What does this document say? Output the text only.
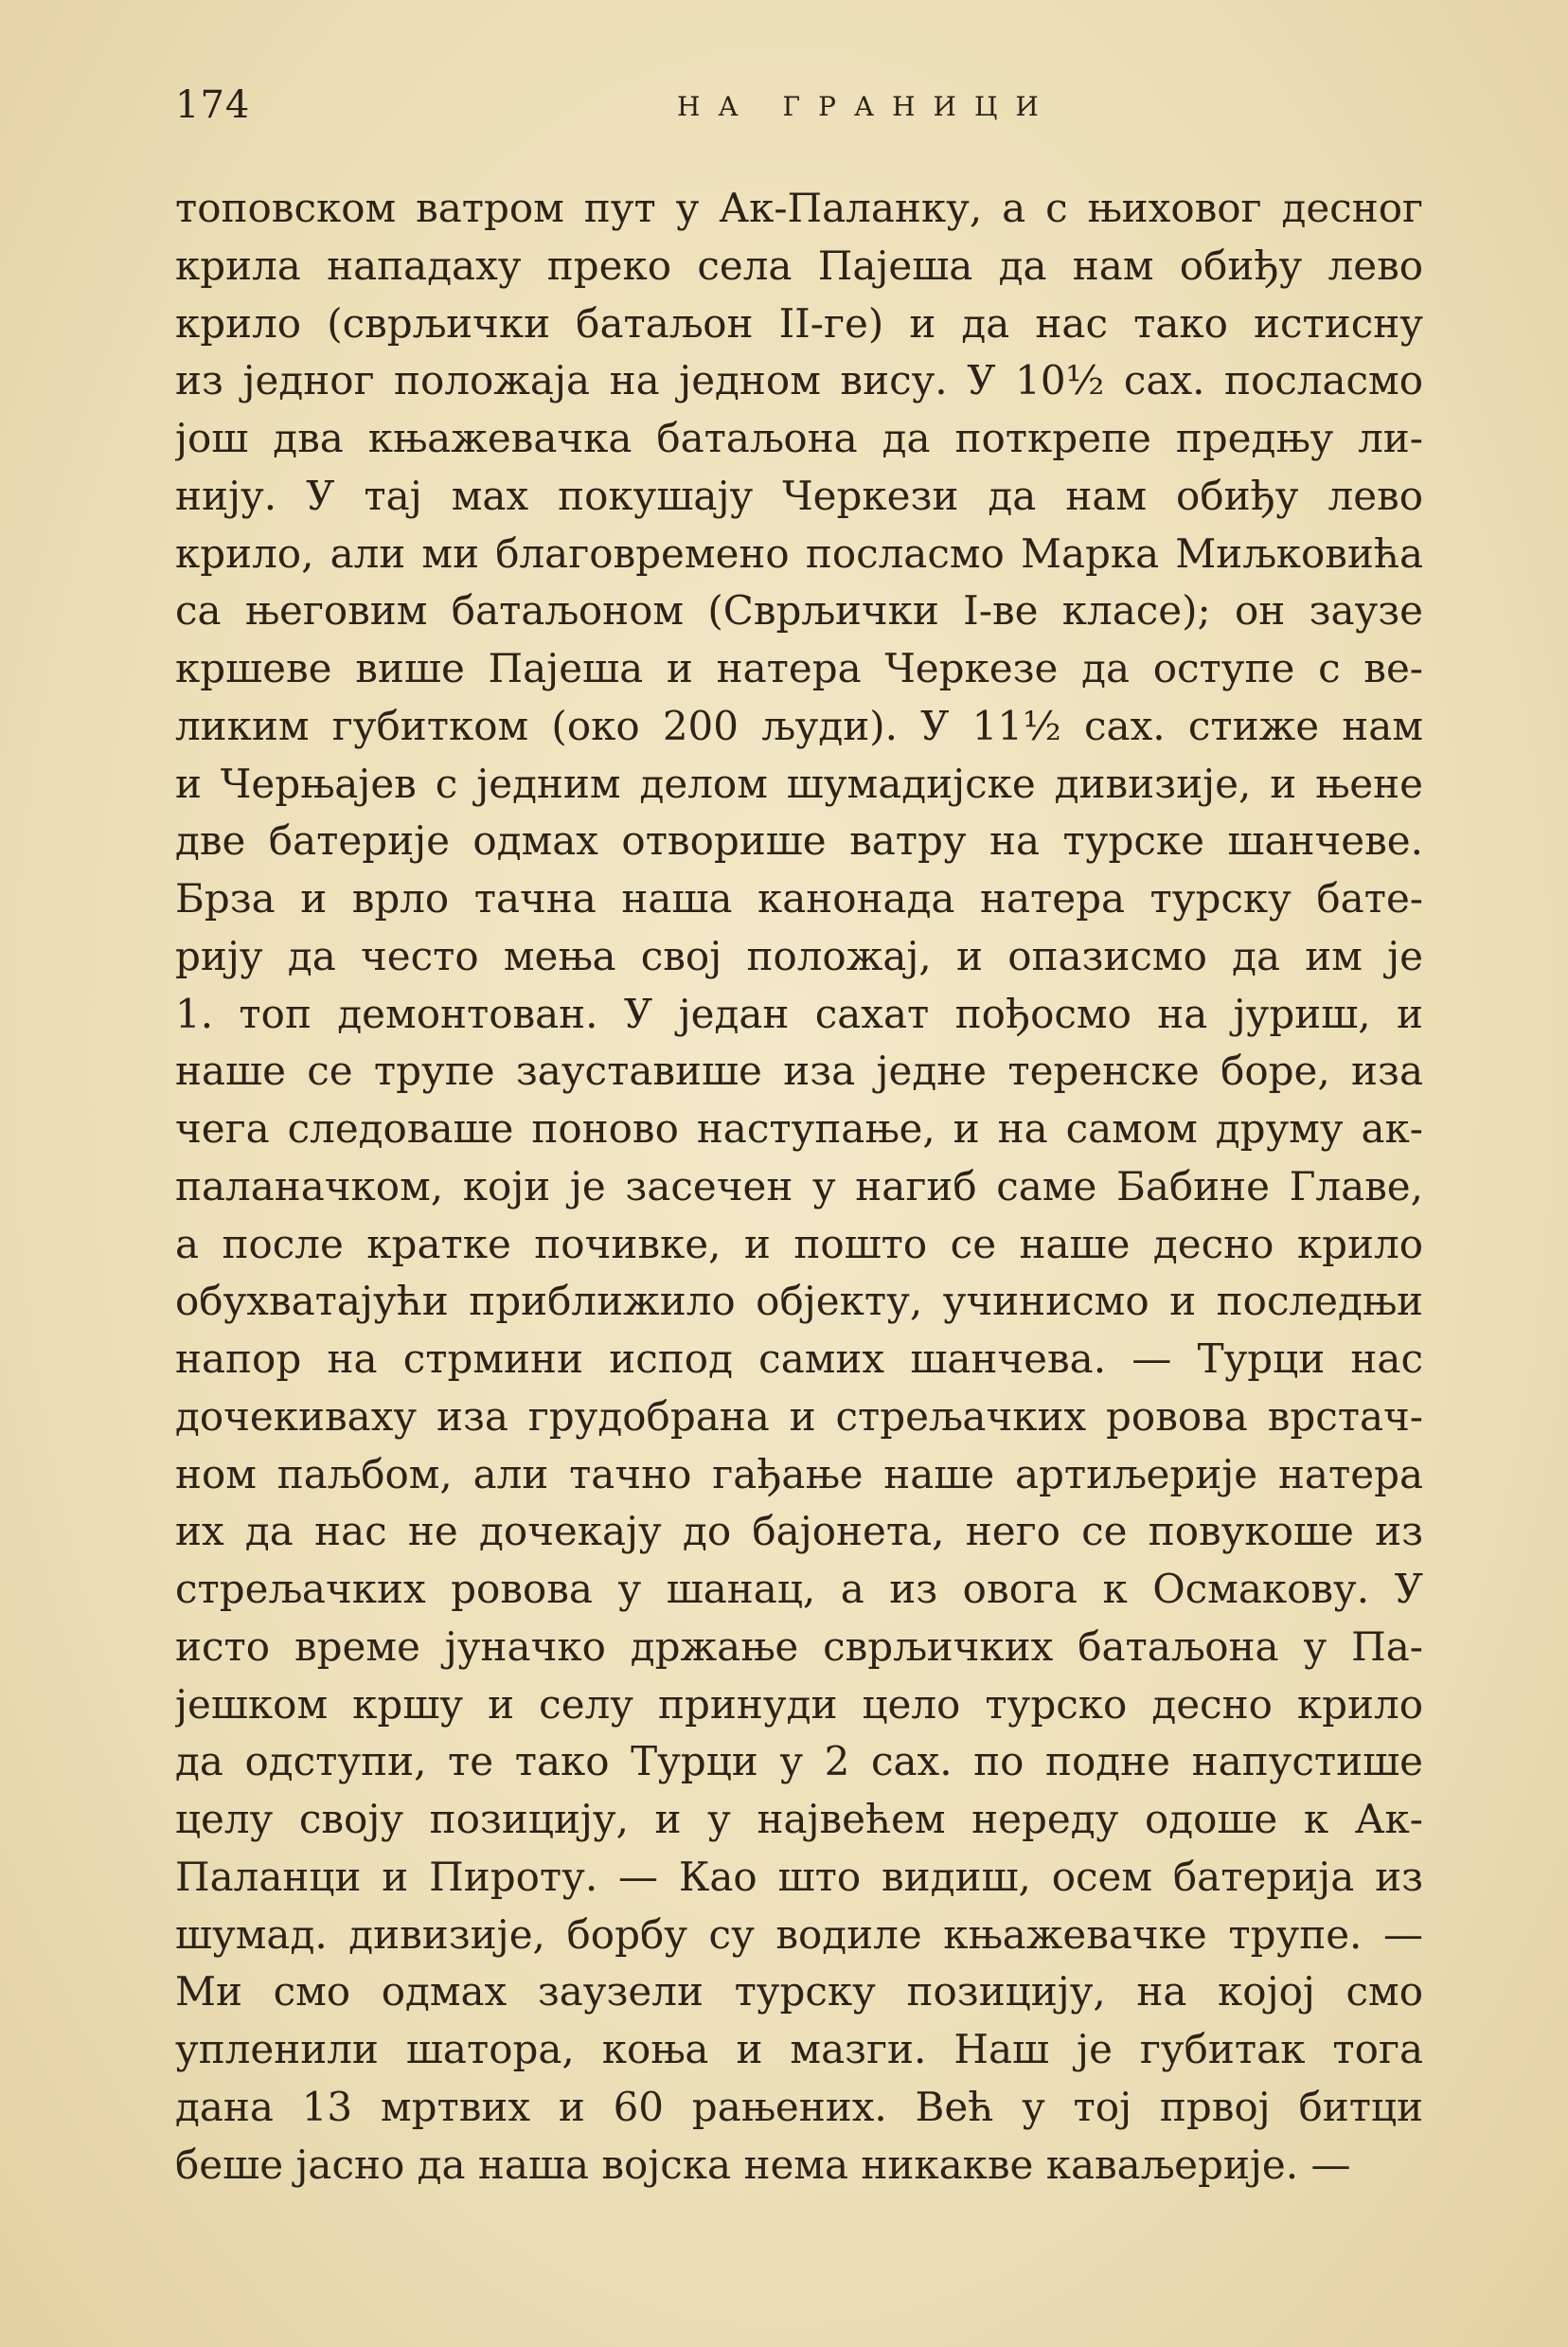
174	НА ГРАНИЦИ
топовском ватром пут у Ак-Паланку, а с њиховог десног
крила нападаху преко села Пајеша да нам обиђу лево
крило (сврљички батаљон II-ге) и да нас тако истисну
из једног положаја на једном вису. У 10½ сах. посласмо
још два књажевачка батаљона да поткрепе предњу ли-
нију. У тај мах покушају Черкези да нам обиђу лево
крило, али ми благовремено посласмо Марка Миљковића
са његовим батаљоном (Сврљички I-ве класе); он заузе
кршеве више Пајеша и натера Черкезе да оступе с ве-
ликим губитком (око 200 људи). У 11½ сах. стиже нам
и Черњајев с једним делом шумадијске дивизије, и њене
две батерије одмах отворише ватру на турске шанчеве.
Брза и врло тачна наша канонада натера турску бате-
рију да често мења свој положај, и опазисмо да им је
1. топ демонтован. У један сахат пођосмо на јуриш, и
наше се трупе зауставише иза једне теренске боре, иза
чега следоваше поново наступање, и на самом друму ак-
паланачком, који је засечен у нагиб саме Бабине Главе,
а после кратке почивке, и пошто се наше десно крило
обухватајући приближило објекту, учинисмо и последњи
напор на стрмини испод самих шанчева. — Турци нас
дочекиваху иза грудобрана и стрељачких ровова врстач-
ном паљбом, али тачно гађање наше артиљерије натера
их да нас не дочекају до бајонета, него се повукоше из
стрељачких ровова у шанац, а из овога к Осмакову. У
исто време јуначко држање сврљичких батаљона у Па-
јешком кршу и селу принуди цело турско десно крило
да одступи, те тако Турци у 2 сах. по подне напустише
целу своју позицију, и у највећем нереду одоше к Ак-
Паланци и Пироту. — Као што видиш, осем батерија из
шумад. дивизије, борбу су водиле књажевачке трупе. —
Ми смо одмах заузели турску позицију, на којој смо
упленили шатора, коња и мазги. Наш је губитак тога
дана 13 мртвих и 60 рањених. Већ у тој првој битци
беше јасно да наша војска нема никакве каваљерије. —
